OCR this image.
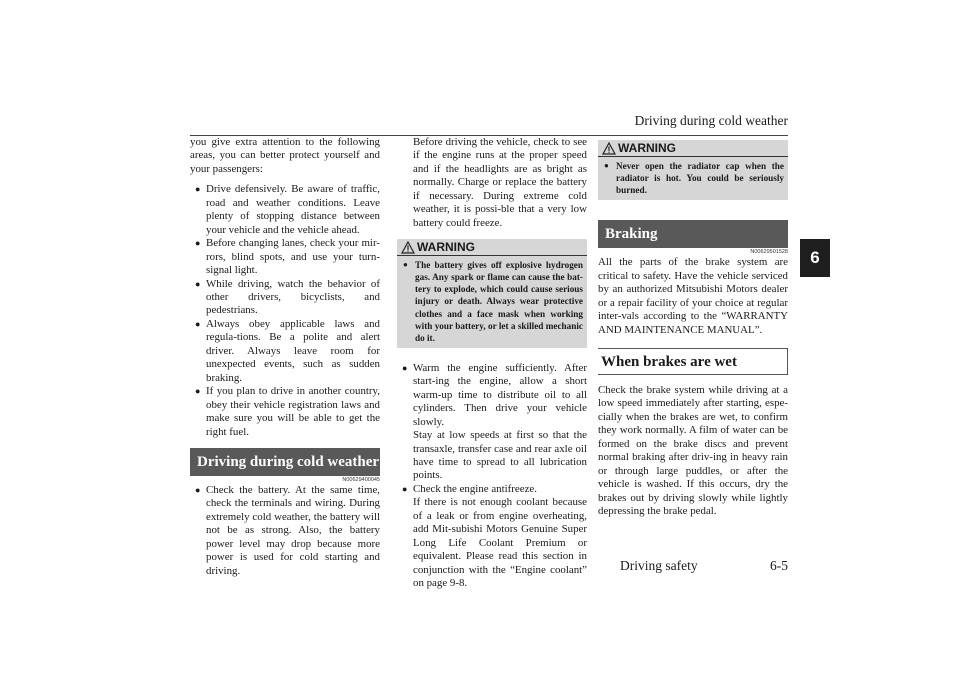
Driving during cold weather
6

you give extra attention to the following areas, you can better protect yourself and your passengers:

● Drive defensively. Be aware of traffic, road and weather conditions. Leave plenty of stopping distance between your vehicle and the vehicle ahead.

● Before changing lanes, check your mir-rors, blind spots, and use your turn-signal light.

● While driving, watch the behavior of other drivers, bicyclists, and pedestrians.

● Always obey applicable laws and regula-tions. Be a polite and alert driver. Always leave room for unexpected events, such as sudden braking.

● If you plan to drive in another country, obey their vehicle registration laws and make sure you will be able to get the right fuel.

Driving during cold weather
N00629400045

● Check the battery. At the same time, check the terminals and wiring. During extremely cold weather, the battery will not be as strong. Also, the battery power level may drop because more power is used for cold starting and driving.

Before driving the vehicle, check to see if the engine runs at the proper speed and if the headlights are as bright as normally. Charge or replace the battery if necessary. During extreme cold weather, it is possi-ble that a very low battery could freeze.

WARNING

● The battery gives off explosive hydrogen gas. Any spark or flame can cause the bat-tery to explode, which could cause serious injury or death. Always wear protective clothes and a face mask when working with your battery, or let a skilled mechanic do it.

● Warm the engine sufficiently. After start-ing the engine, allow a short warm-up time to distribute oil to all cylinders. Then drive your vehicle slowly.

Stay at low speeds at first so that the transaxle, transfer case and rear axle oil have time to spread to all lubrication points.

● Check the engine antifreeze.

If there is not enough coolant because of a leak or from engine overheating, add Mit-subishi Motors Genuine Super Long Life Coolant Premium or equivalent. Please read this section in conjunction with the “Engine coolant” on page 9-8.

WARNING

● Never open the radiator cap when the radiator is hot. You could be seriously burned.

Braking
N00629501528

All the parts of the brake system are critical to safety. Have the vehicle serviced by an authorized Mitsubishi Motors dealer or a repair facility of your choice at regular inter-vals according to the “WARRANTY AND MAINTENANCE MANUAL”.

When brakes are wet

Check the brake system while driving at a low speed immediately after starting, espe-cially when the brakes are wet, to confirm they work normally. A film of water can be formed on the brake discs and prevent normal braking after driv-ing in heavy rain or through large puddles, or after the vehicle is washed. If this occurs, dry the brakes out by driving slowly while lightly depressing the brake pedal.

Driving safety	6-5
